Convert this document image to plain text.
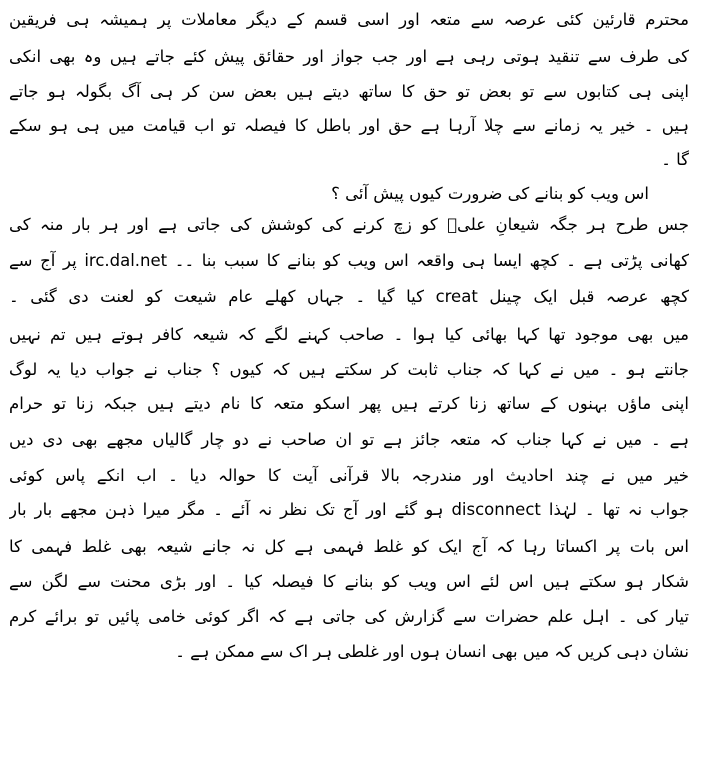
محترم قارئین کئی عرصہ سے متعہ اور اسی قسم کے دیگر معاملات پر ہمیشہ ہی فریقین
کی طرف سے تنقید ہوتی رہی ہے اور جب جواز اور حقائق پیش کئے جاتے ہیں وہ بھی انکی
اپنی ہی کتابوں سے تو بعض تو حق کا ساتھ دیتے ہیں بعض سن کر ہی آگ بگولہ ہو جاتے
ہیں ۔ خیر یہ زمانے سے چلا آرہا ہے حق اور باطل کا فیصلہ تو اب قیامت میں ہی ہو سکے
گا ۔
اس ویب کو بنانے کی ضرورت کیوں پیش آئی ؟
جس طرح ہر جگہ شیعانِ علیؑ کو زچ کرنے کی کوشش کی جاتی ہے اور ہر بار منہ کی
کھانی پڑتی ہے ۔ کچھ ایسا ہی واقعہ اس ویب کو بنانے کا سبب بنا ۔۔ irc.dal.net پر آج سے
کچھ عرصہ قبل ایک چینل creat کیا گیا ۔ جہاں کھلے عام شیعت کو لعنت دی گئی ۔
میں بھی موجود تھا کہا بھائی کیا ہوا ۔ صاحب کہنے لگے کہ شیعہ کافر ہوتے ہیں تم نہیں
جانتے ہو ۔ میں نے کہا کہ جناب ثابت کر سکتے ہیں کہ کیوں ؟ جناب نے جواب دیا یہ لوگ
اپنی ماؤں بہنوں کے ساتھ زنا کرتے ہیں پھر اسکو متعہ کا نام دیتے ہیں جبکہ زنا تو حرام
ہے ۔ میں نے کہا جناب کہ متعہ جائز ہے تو ان صاحب نے دو چار گالیاں مجھے بھی دی دیں
خیر میں نے چند احادیث اور مندرجہ بالا قرآنی آیت کا حوالہ دیا ۔ اب انکے پاس کوئی
جواب نہ تھا ۔ لہٰذا disconnect ہو گئے اور آج تک نظر نہ آئے ۔ مگر میرا ذہن مجھے بار بار
اس بات پر اکساتا رہا کہ آج ایک کو غلط فہمی ہے کل نہ جانے شیعہ بھی غلط فہمی کا
شکار ہو سکتے ہیں اس لئے اس ویب کو بنانے کا فیصلہ کیا ۔ اور بڑی محنت سے لگن سے
تیار کی ۔ اہل علم حضرات سے گزارش کی جاتی ہے کہ اگر کوئی خامی پائیں تو برائے کرم
نشان دہی کریں کہ میں بھی انسان ہوں اور غلطی ہر اک سے ممکن ہے ۔
